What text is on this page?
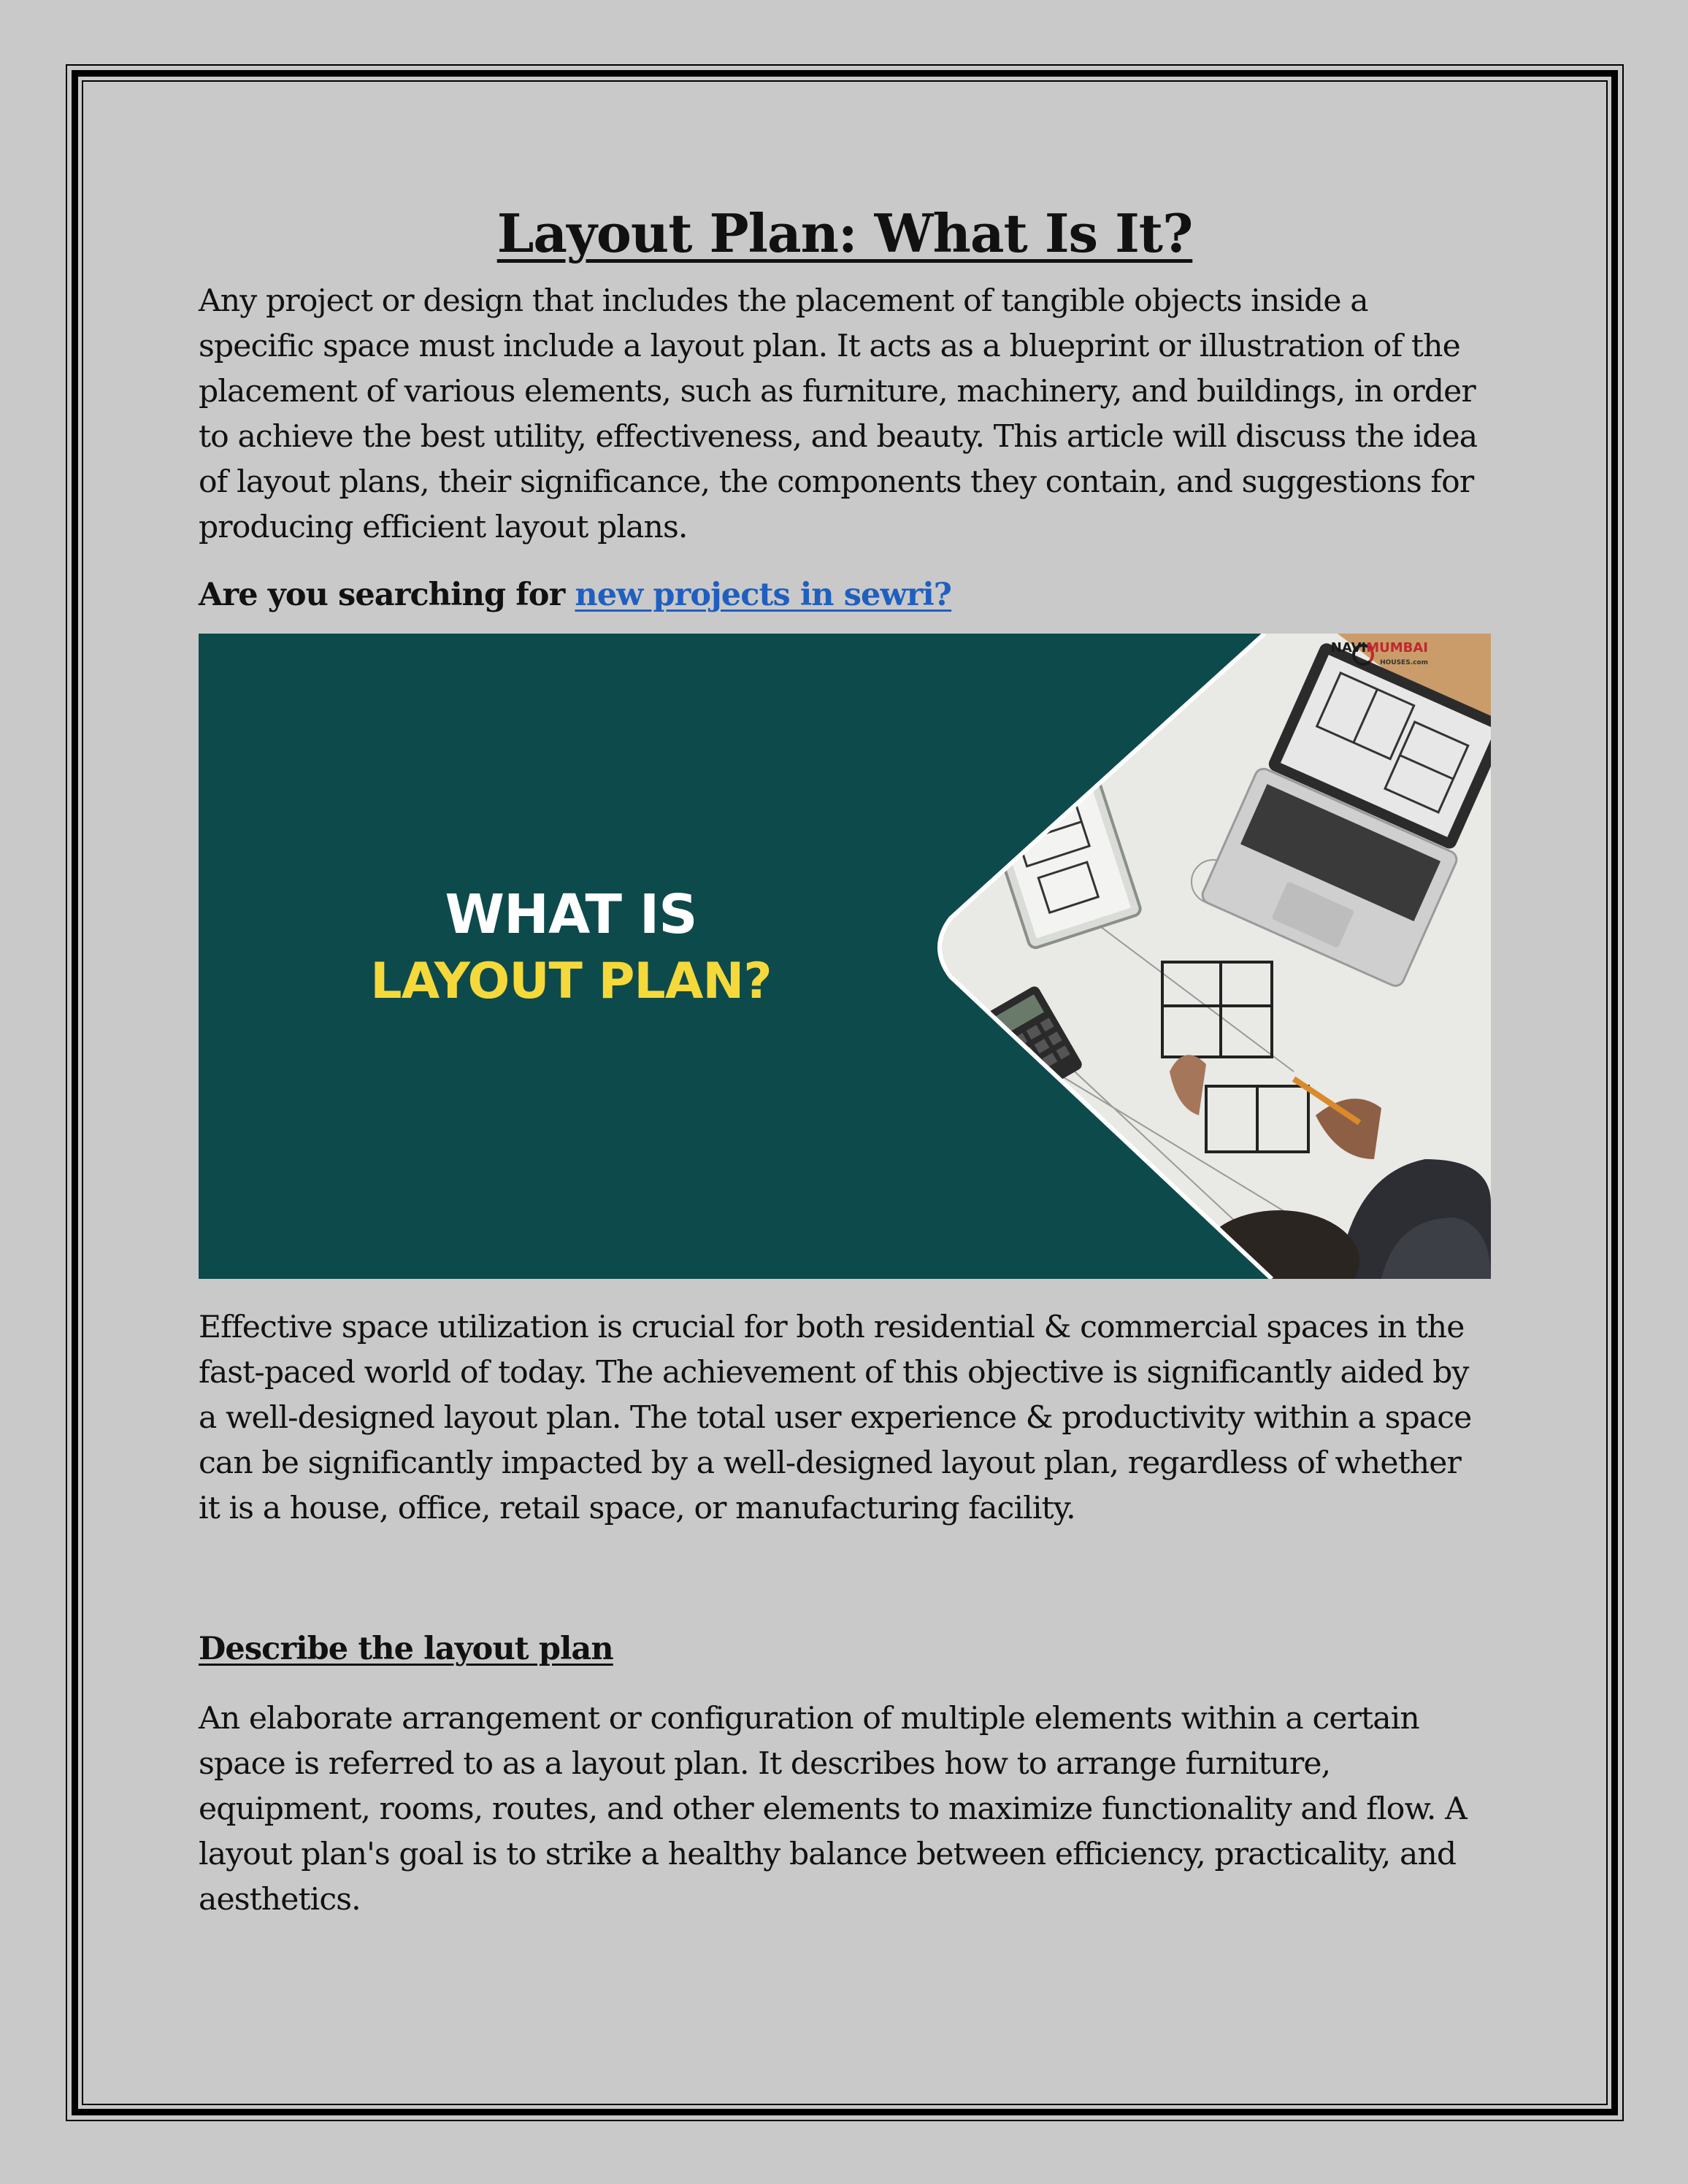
Layout Plan: What Is It?

Any project or design that includes the placement of tangible objects inside a specific space must include a layout plan. It acts as a blueprint or illustration of the placement of various elements, such as furniture, machinery, and buildings, in order to achieve the best utility, effectiveness, and beauty. This article will discuss the idea of layout plans, their significance, the components they contain, and suggestions for producing efficient layout plans.

Are you searching for new projects in sewri?

NAVIMUMBAI
HOUSES.com
WHAT IS
LAYOUT PLAN?

Effective space utilization is crucial for both residential & commercial spaces in the fast-paced world of today. The achievement of this objective is significantly aided by a well-designed layout plan. The total user experience & productivity within a space can be significantly impacted by a well-designed layout plan, regardless of whether it is a house, office, retail space, or manufacturing facility.

Describe the layout plan

An elaborate arrangement or configuration of multiple elements within a certain space is referred to as a layout plan. It describes how to arrange furniture, equipment, rooms, routes, and other elements to maximize functionality and flow. A layout plan's goal is to strike a healthy balance between efficiency, practicality, and aesthetics.
